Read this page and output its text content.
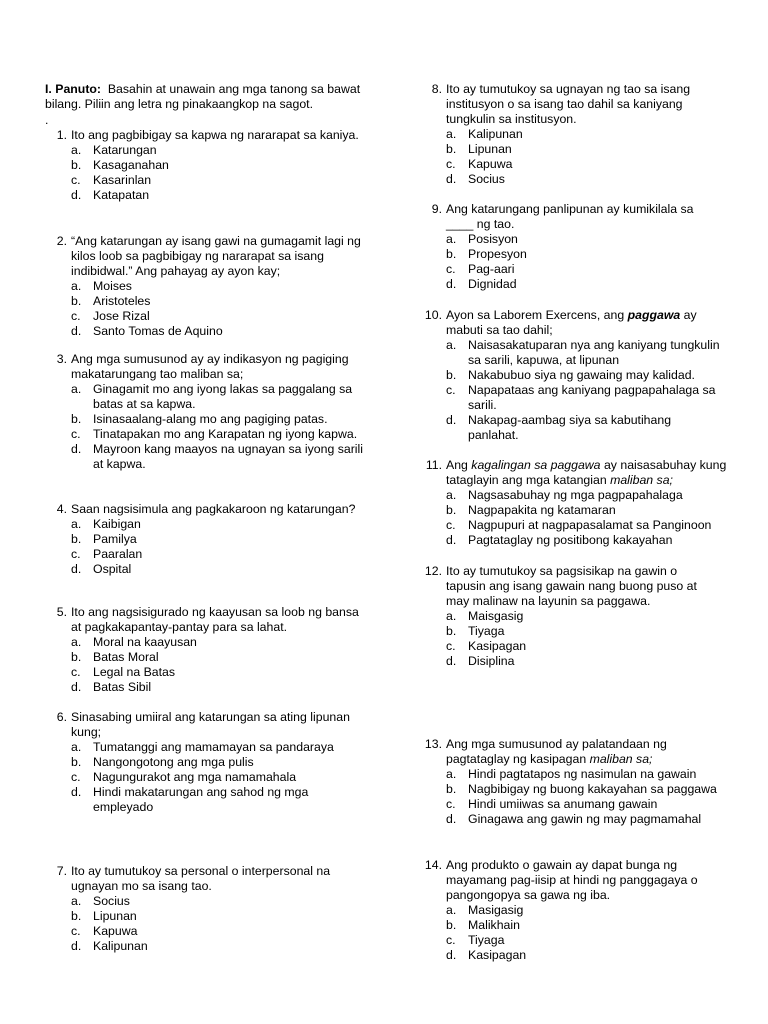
I. Panuto: Basahin at unawain ang mga tanong sa bawat bilang. Piliin ang letra ng pinakaangkop na sagot.
.
1. Ito ang pagbibigay sa kapwa ng nararapat sa kaniya.
a. Katarungan
b. Kasaganahan
c. Kasarinlan
d. Katapatan
2. “Ang katarungan ay isang gawi na gumagamit lagi ng kilos loob sa pagbibigay ng nararapat sa isang indibidwal.” Ang pahayag ay ayon kay;
a. Moises
b. Aristoteles
c. Jose Rizal
d. Santo Tomas de Aquino
3. Ang mga sumusunod ay ay indikasyon ng pagiging makatarungang tao maliban sa;
a. Ginagamit mo ang iyong lakas sa paggalang sa batas at sa kapwa.
b. Isinasaalang-alang mo ang pagiging patas.
c. Tinatapakan mo ang Karapatan ng iyong kapwa.
d. Mayroon kang maayos na ugnayan sa iyong sarili at kapwa.
4. Saan nagsisimula ang pagkakaroon ng katarungan?
a. Kaibigan
b. Pamilya
c. Paaralan
d. Ospital
5. Ito ang nagsisigurado ng kaayusan sa loob ng bansa at pagkakapantay-pantay para sa lahat.
a. Moral na kaayusan
b. Batas Moral
c. Legal na Batas
d. Batas Sibil
6. Sinasabing umiiral ang katarungan sa ating lipunan kung;
a. Tumatanggi ang mamamayan sa pandaraya
b. Nangongotong ang mga pulis
c. Nagungurakot ang mga namamahala
d. Hindi makatarungan ang sahod ng mga empleyado
7. Ito ay tumutukoy sa personal o interpersonal na ugnayan mo sa isang tao.
a. Socius
b. Lipunan
c. Kapuwa
d. Kalipunan
8. Ito ay tumutukoy sa ugnayan ng tao sa isang institusyon o sa isang tao dahil sa kaniyang tungkulin sa institusyon.
a. Kalipunan
b. Lipunan
c. Kapuwa
d. Socius
9. Ang katarungang panlipunan ay kumikilala sa ____ ng tao.
a. Posisyon
b. Propesyon
c. Pag-aari
d. Dignidad
10. Ayon sa Laborem Exercens, ang paggawa ay mabuti sa tao dahil;
a. Naisasakatuparan nya ang kaniyang tungkulin sa sarili, kapuwa, at lipunan
b. Nakabubuo siya ng gawaing may kalidad.
c. Napapataas ang kaniyang pagpapahalaga sa sarili.
d. Nakapag-aambag siya sa kabutihang panlahat.
11. Ang kagalingan sa paggawa ay naisasabuhay kung tataglayin ang mga katangian maliban sa;
a. Nagsasabuhay ng mga pagpapahalaga
b. Nagpapakita ng katamaran
c. Nagpupuri at nagpapasalamat sa Panginoon
d. Pagtataglay ng positibong kakayahan
12. Ito ay tumutukoy sa pagsisikap na gawin o tapusin ang isang gawain nang buong puso at may malinaw na layunin sa paggawa.
a. Maisgasig
b. Tiyaga
c. Kasipagan
d. Disiplina
13. Ang mga sumusunod ay palatandaan ng pagtataglay ng kasipagan maliban sa;
a. Hindi pagtatapos ng nasimulan na gawain
b. Nagbibigay ng buong kakayahan sa paggawa
c. Hindi umiiwas sa anumang gawain
d. Ginagawa ang gawin ng may pagmamahal
14. Ang produkto o gawain ay dapat bunga ng mayamang pag-iisip at hindi ng panggagaya o pangongopya sa gawa ng iba.
a. Masigasig
b. Malikhain
c. Tiyaga
d. Kasipagan
